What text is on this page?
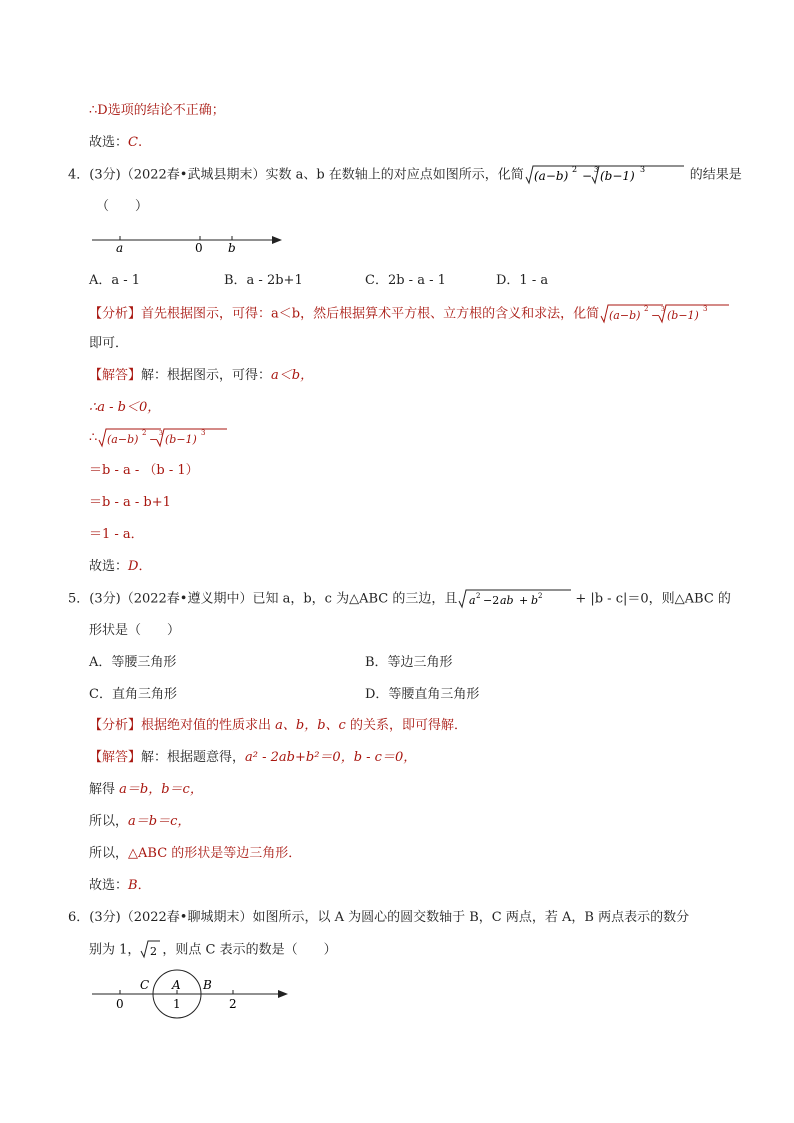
∴D选项的结论不正确；
故选：C.
4．(3分)（2022春•武城县期末）实数 a、b 在数轴上的对应点如图所示，化简 (a−b) 2 − 3 (b−1) 3	的结果是
（　　）
a	0 b
A．a - 1	B．a - 2b+1	C．2b - a - 1	D．1 - a
【分析】首先根据图示，可得：a＜b，然后根据算术平方根、立方根的含义和求法，化简 (a−b) 2 − 3 (b−1) 3
即可．
【解答】解：根据图示，可得：a＜b，
∴a - b＜0，
∴ (a−b) 2 − 3 (b−1) 3
＝b - a - （b - 1）
＝b - a - b+1
＝1 - a．
故选：D．
5．(3分)（2022春•遵义期中）已知 a，b，c 为△ABC 的三边，且 a 2 −2 ab + b 2	+ |b - c|＝0，则△ABC 的
形状是（　　）
A．等腰三角形	B．等边三角形
C．直角三角形	D．等腰直角三角形
【分析】根据绝对值的性质求出 a、b，b、c 的关系，即可得解．
【解答】解：根据题意得，a² - 2ab+b²＝0，b - c＝0，
解得 a＝b，b＝c，
所以，a＝b＝c，
所以，△ABC 的形状是等边三角形．
故选：B．
6．(3分)（2022春•聊城期末）如图所示，以 A 为圆心的圆交数轴于 B，C 两点，若 A，B 两点表示的数分
别为 1， 2 ，则点 C 表示的数是（　　）
C A B
0	1	2
